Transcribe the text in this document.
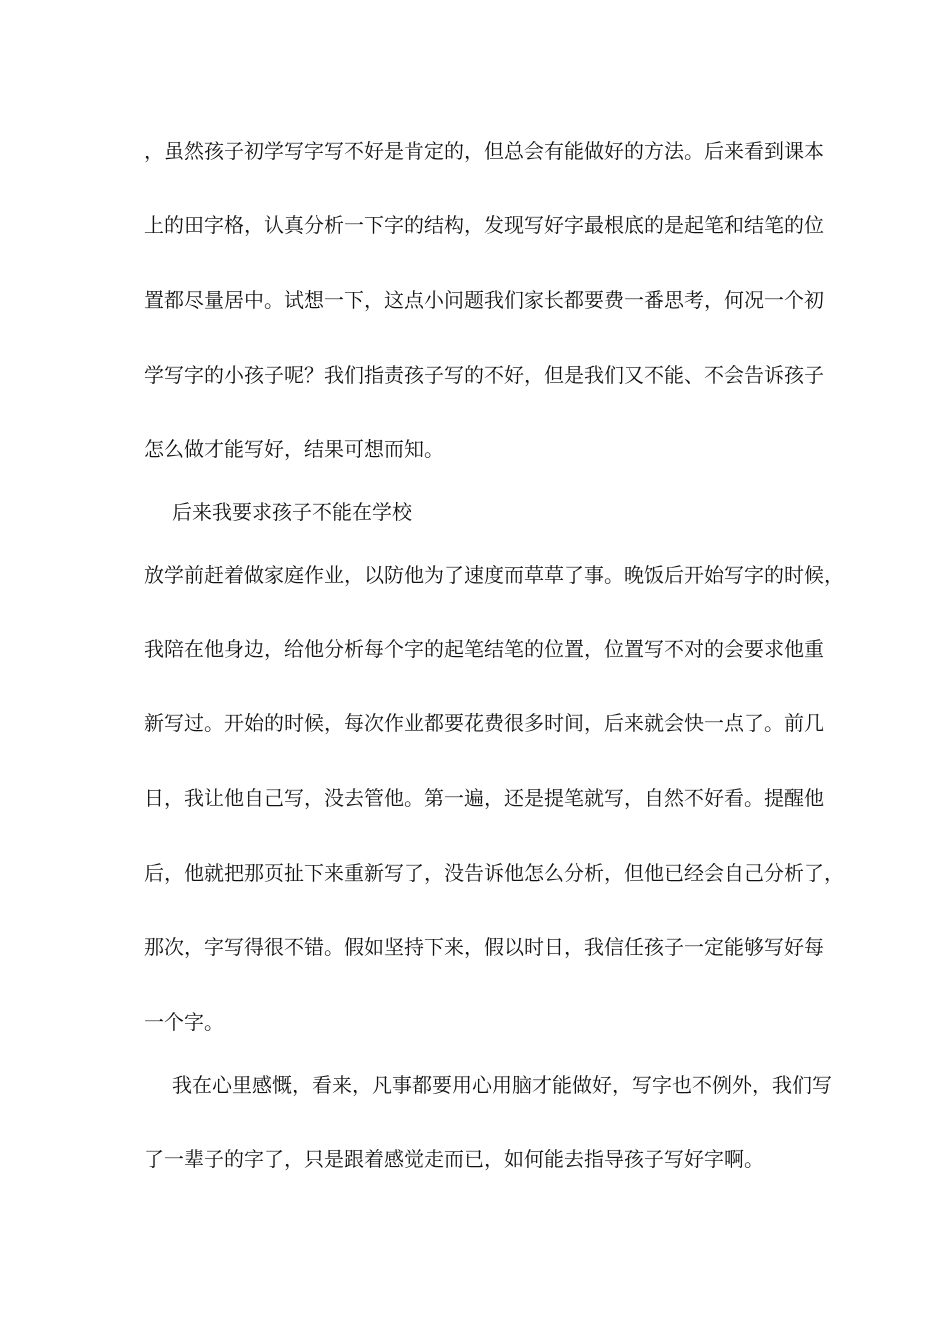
，虽然孩子初学写字写不好是肯定的，但总会有能做好的方法。后来看到课本

上的田字格，认真分析一下字的结构，发现写好字最根底的是起笔和结笔的位

置都尽量居中。试想一下，这点小问题我们家长都要费一番思考，何况一个初

学写字的小孩子呢？我们指责孩子写的不好，但是我们又不能、不会告诉孩子

怎么做才能写好，结果可想而知。

后来我要求孩子不能在学校

放学前赶着做家庭作业，以防他为了速度而草草了事。晚饭后开始写字的时候，

我陪在他身边，给他分析每个字的起笔结笔的位置，位置写不对的会要求他重

新写过。开始的时候，每次作业都要花费很多时间，后来就会快一点了。前几

日，我让他自己写，没去管他。第一遍，还是提笔就写，自然不好看。提醒他

后，他就把那页扯下来重新写了，没告诉他怎么分析，但他已经会自己分析了，

那次，字写得很不错。假如坚持下来，假以时日，我信任孩子一定能够写好每

一个字。

我在心里感慨，看来，凡事都要用心用脑才能做好，写字也不例外，我们写

了一辈子的字了，只是跟着感觉走而已，如何能去指导孩子写好字啊。
